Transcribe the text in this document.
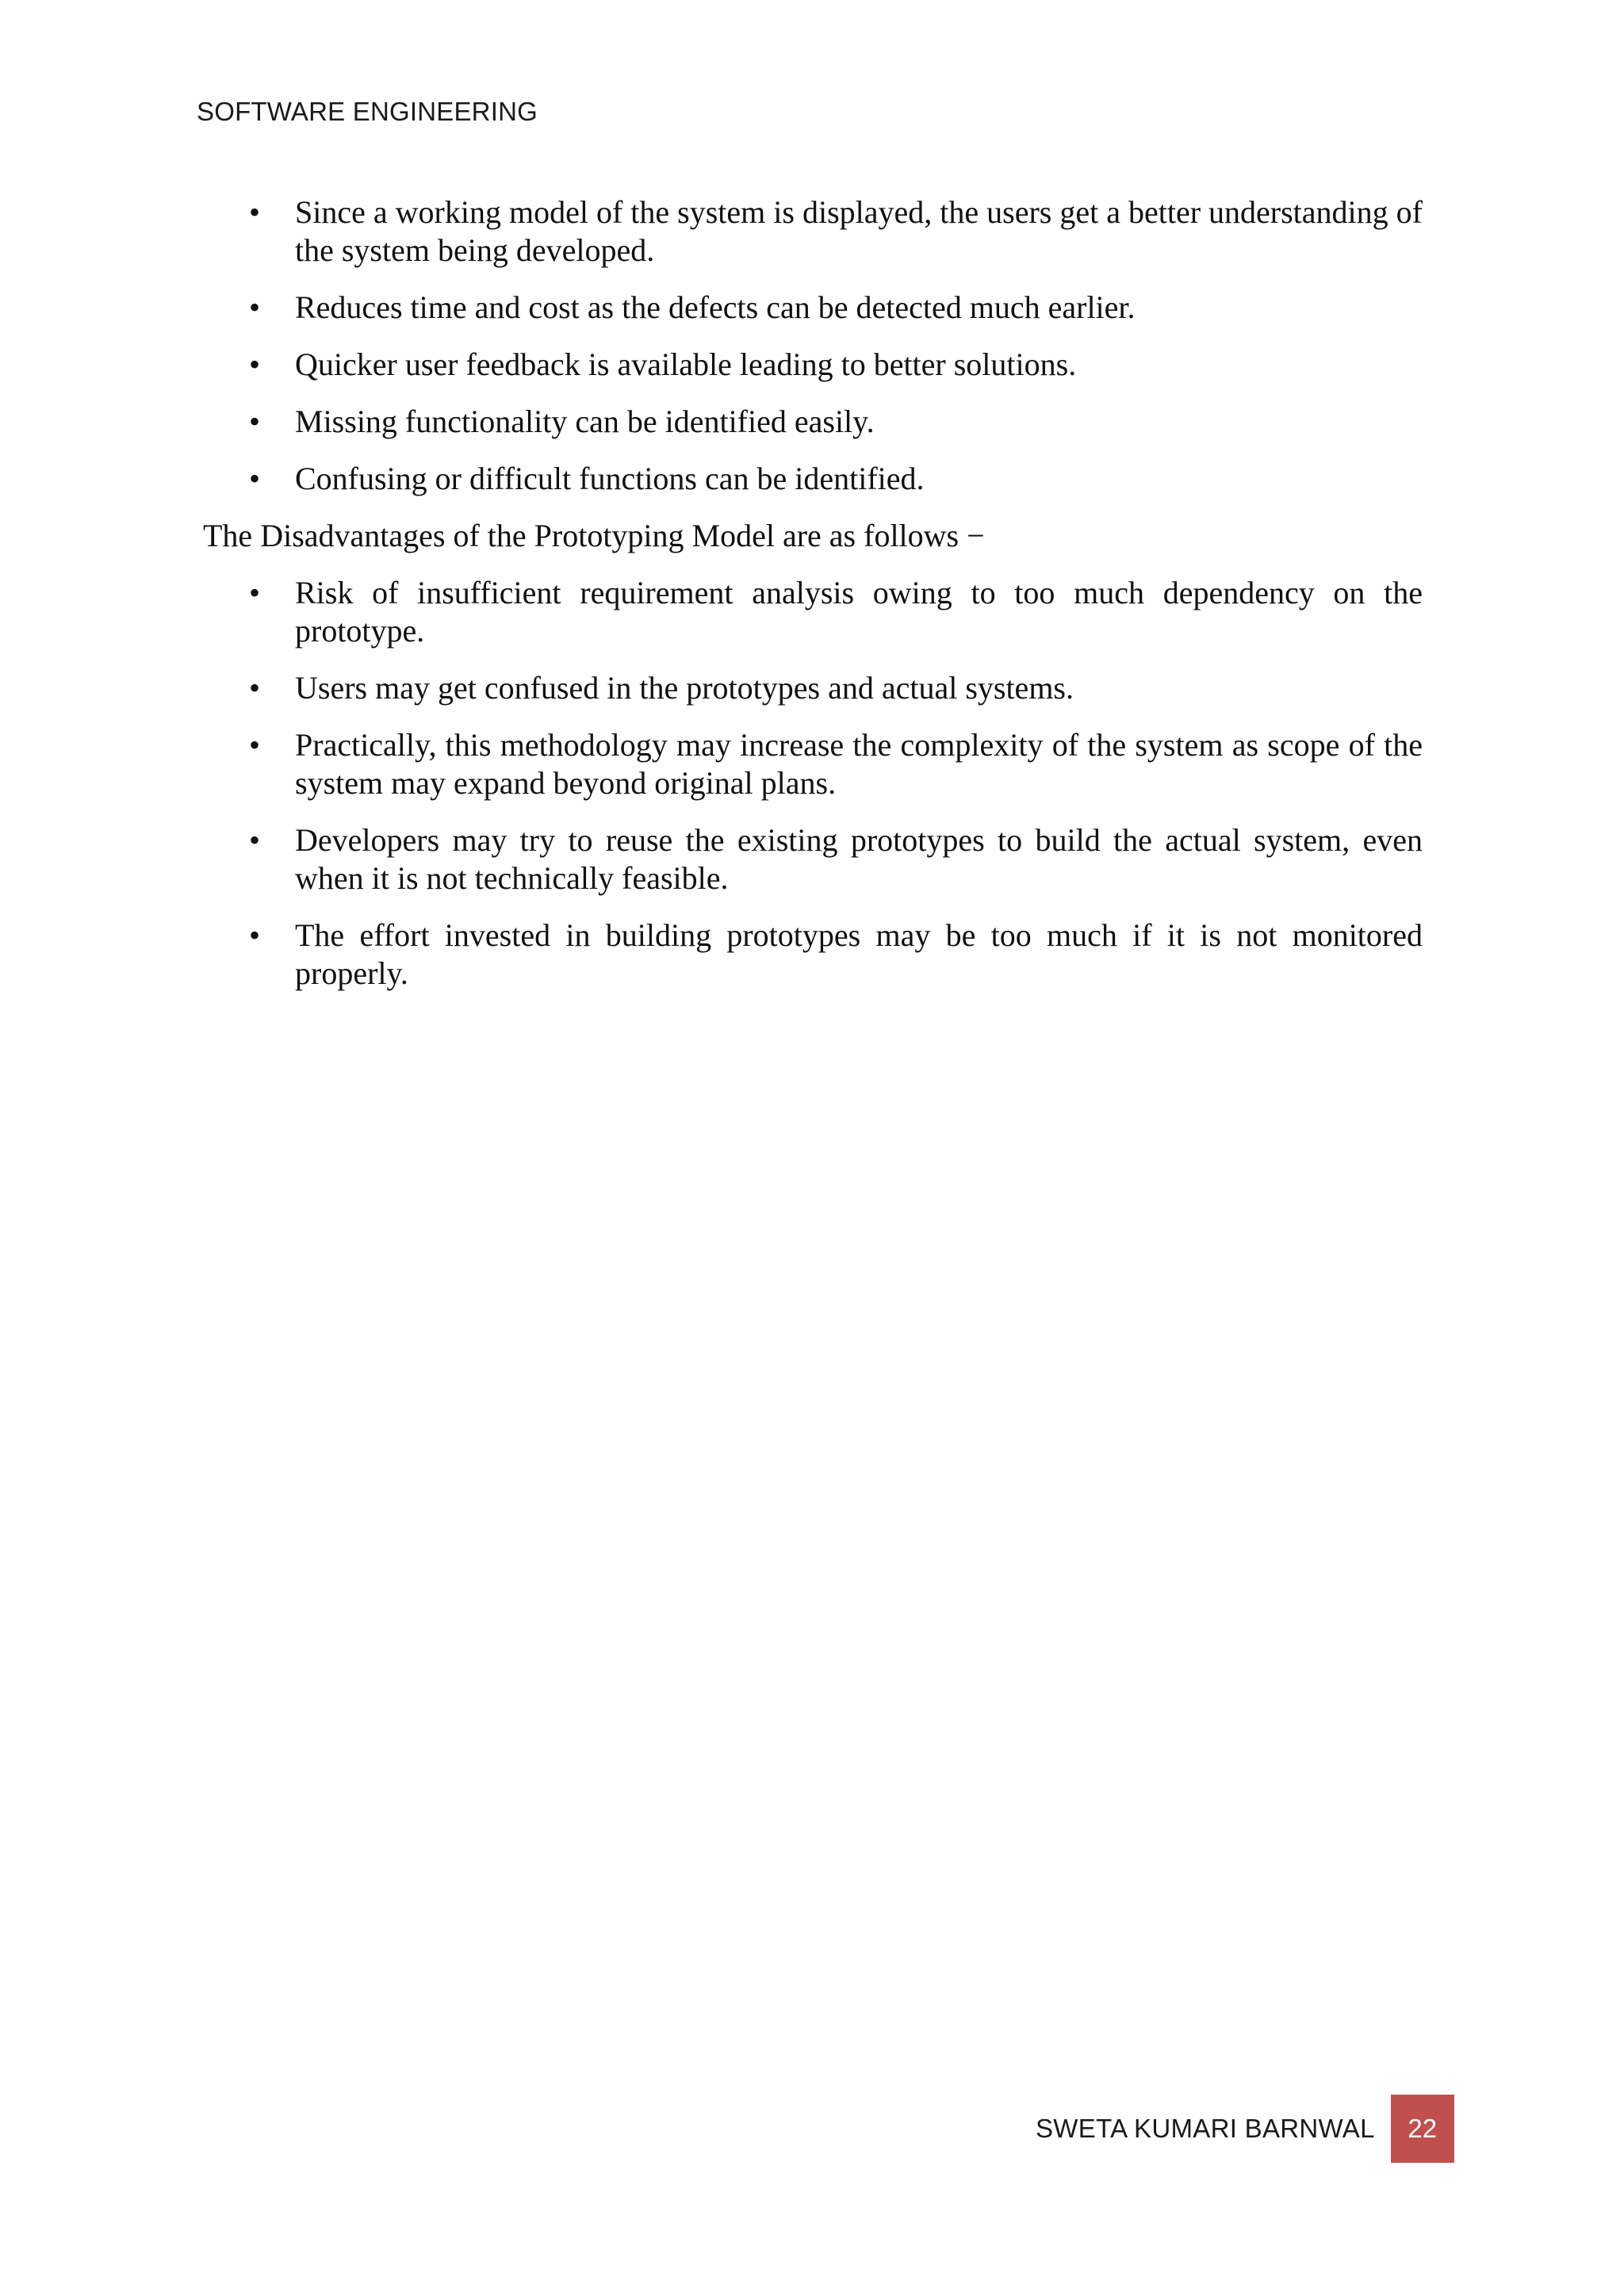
SOFTWARE ENGINEERING
• Since a working model of the system is displayed, the users get a better understanding of the system being developed.
• Reduces time and cost as the defects can be detected much earlier.
• Quicker user feedback is available leading to better solutions.
• Missing functionality can be identified easily.
• Confusing or difficult functions can be identified.

The Disadvantages of the Prototyping Model are as follows −

• Risk of insufficient requirement analysis owing to too much dependency on the prototype.
• Users may get confused in the prototypes and actual systems.
• Practically, this methodology may increase the complexity of the system as scope of the system may expand beyond original plans.
• Developers may try to reuse the existing prototypes to build the actual system, even when it is not technically feasible.
• The effort invested in building prototypes may be too much if it is not monitored properly.
SWETA KUMARI BARNWAL	22
